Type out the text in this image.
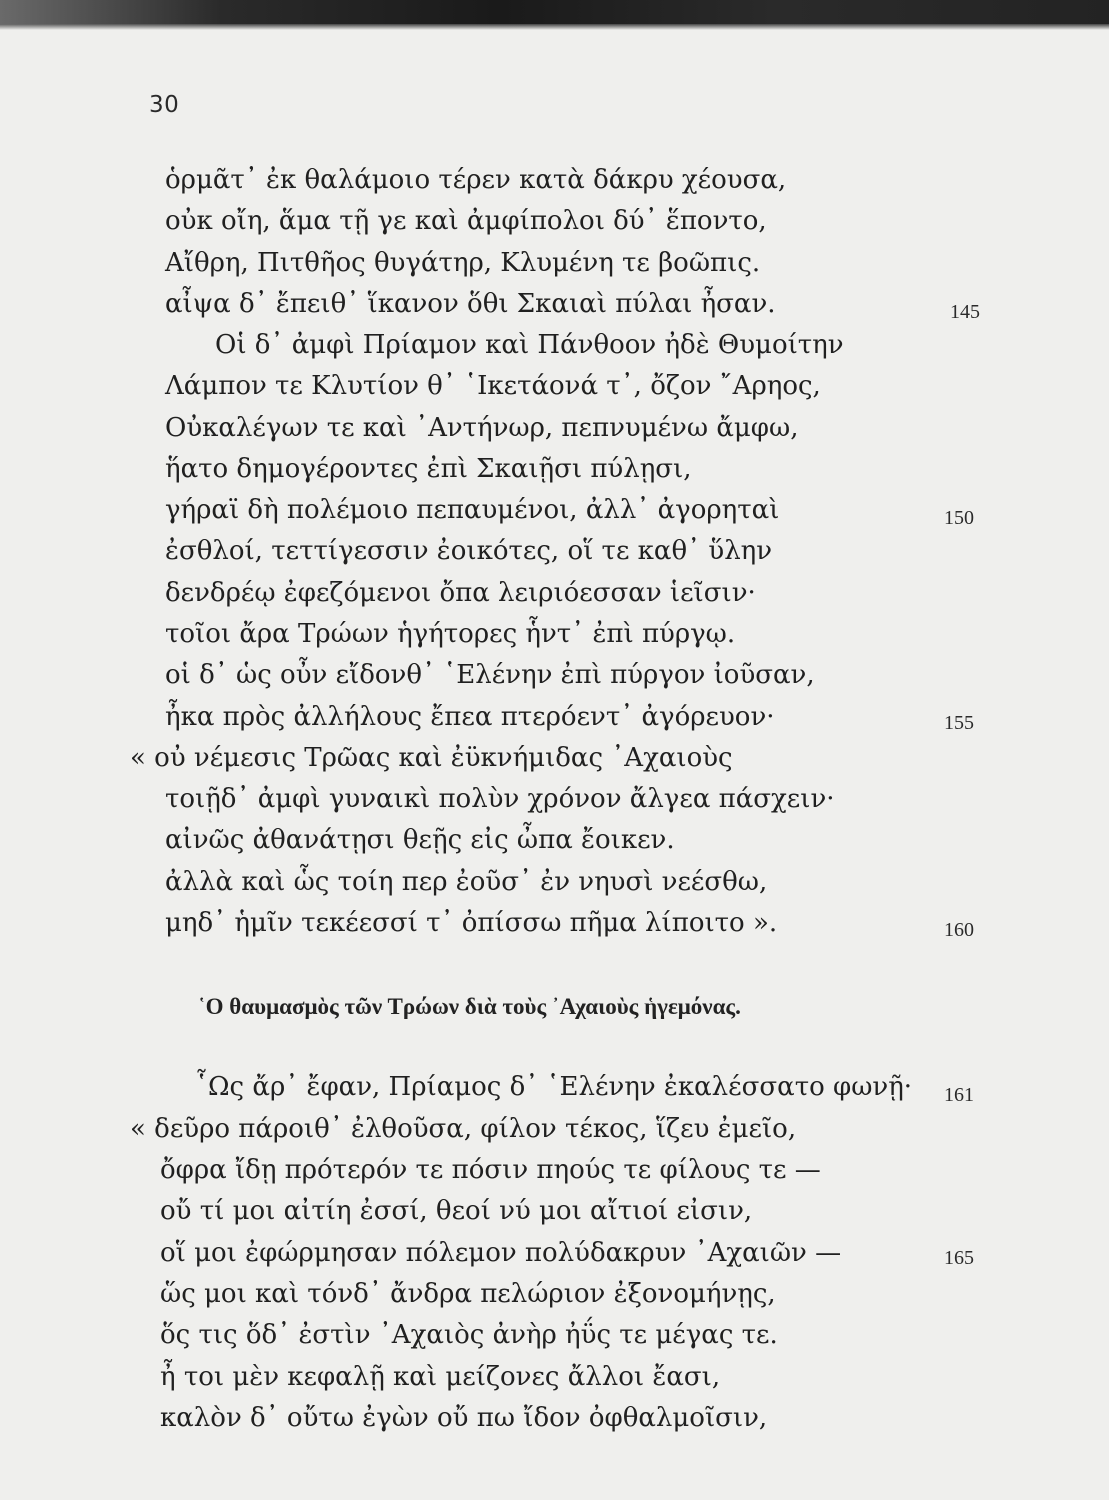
30
ὁρμᾶτ᾿ ἐκ θαλάμοιο τέρεν κατὰ δάκρυ χέουσα,
οὐκ οἴη, ἅμα τῇ γε καὶ ἀμφίπολοι δύ᾿ ἕποντο,
Αἴθρη, Πιτθῆος θυγάτηρ, Κλυμένη τε βοῶπις.
αἶψα δ᾿ ἔπειθ᾿ ἵκανον ὅθι Σκαιαὶ πύλαι ἦσαν.	145
Οἱ δ᾿ ἀμφὶ Πρίαμον καὶ Πάνθοον ἠδὲ Θυμοίτην
Λάμπον τε Κλυτίον θ᾿ ῾Ικετάονά τ᾿, ὄζον ῎Αρηος,
Οὐκαλέγων τε καὶ ᾿Αντήνωρ, πεπνυμένω ἄμφω,
ἥατο δημογέροντες ἐπὶ Σκαιῇσι πύλῃσι,
γήραϊ δὴ πολέμοιο πεπαυμένοι, ἀλλ᾿ ἀγορηταὶ	150
ἐσθλοί, τεττίγεσσιν ἐοικότες, οἵ τε καθ᾿ ὕλην
δενδρέῳ ἐφεζόμενοι ὄπα λειριόεσσαν ἱεῖσιν·
τοῖοι ἄρα Τρώων ἡγήτορες ἧντ᾿ ἐπὶ πύργῳ.
οἱ δ᾿ ὡς οὖν εἴδονθ᾿ ῾Ελένην ἐπὶ πύργον ἰοῦσαν,
ἦκα πρὸς ἀλλήλους ἔπεα πτερόεντ᾿ ἀγόρευον·	155
« οὐ νέμεσις Τρῶας καὶ ἐϋκνήμιδας ᾿Αχαιοὺς
τοιῇδ᾿ ἀμφὶ γυναικὶ πολὺν χρόνον ἄλγεα πάσχειν·
αἰνῶς ἀθανάτῃσι θεῇς εἰς ὦπα ἔοικεν.
ἀλλὰ καὶ ὧς τοίη περ ἐοῦσ᾿ ἐν νηυσὶ νεέσθω,
μηδ᾿ ἡμῖν τεκέεσσί τ᾿ ὀπίσσω πῆμα λίποιτο ».	160
῾Ο θαυμασμὸς τῶν Τρώων διὰ τοὺς ᾿Αχαιοὺς ἡγεμόνας.
῟Ως ἄρ᾿ ἔφαν, Πρίαμος δ᾿ ῾Ελένην ἐκαλέσσατο φωνῇ· 161
« δεῦρο πάροιθ᾿ ἐλθοῦσα, φίλον τέκος, ἵζευ ἐμεῖο,
ὄφρα ἴδῃ πρότερόν τε πόσιν πηούς τε φίλους τε —
οὔ τί μοι αἰτίη ἐσσί, θεοί νύ μοι αἴτιοί εἰσιν,
οἵ μοι ἐφώρμησαν πόλεμον πολύδακρυν ᾿Αχαιῶν —	165
ὥς μοι καὶ τόνδ᾿ ἄνδρα πελώριον ἐξονομήνῃς,
ὅς τις ὅδ᾿ ἐστὶν ᾿Αχαιὸς ἀνὴρ ἠΰς τε μέγας τε.
ἦ τοι μὲν κεφαλῇ καὶ μείζονες ἄλλοι ἔασι,
καλὸν δ᾿ οὔτω ἐγὼν οὔ πω ἴδον ὀφθαλμοῖσιν,
